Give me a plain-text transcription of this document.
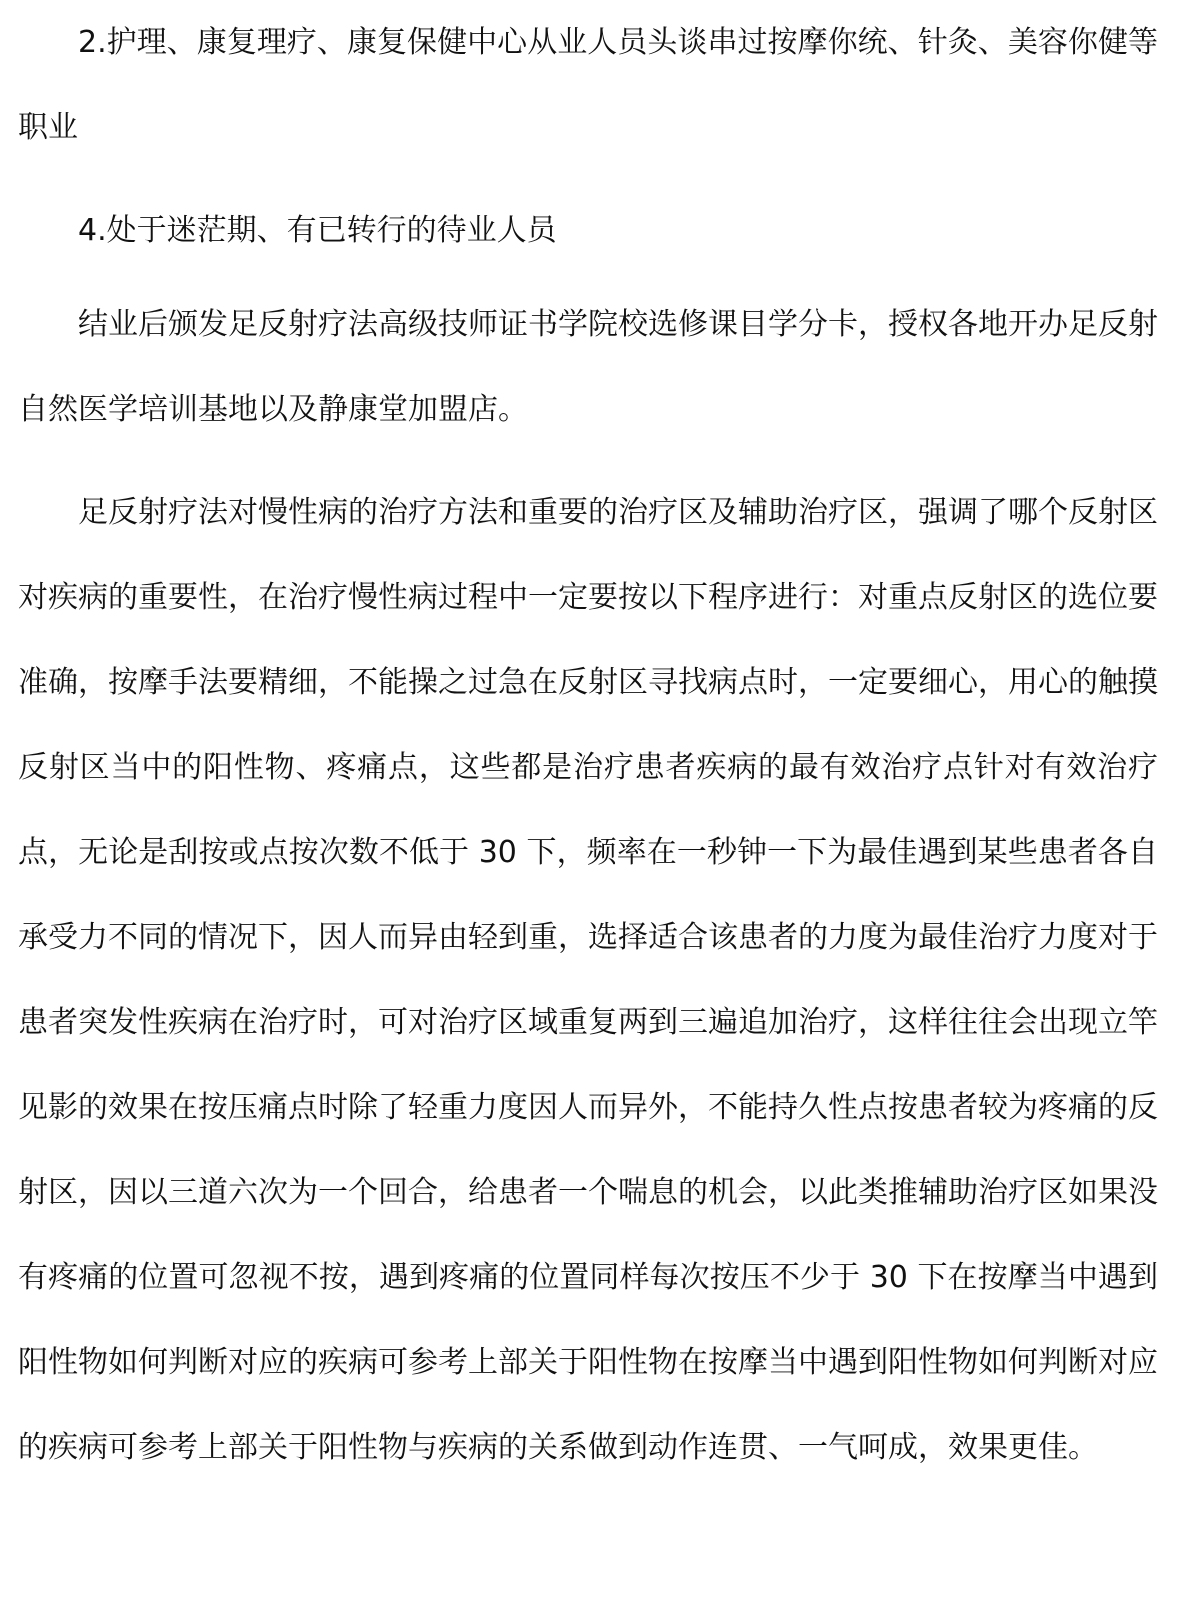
2.护理、康复理疗、康复保健中心从业人员头谈串过按摩你统、针灸、美容你健等职业

4.处于迷茫期、有已转行的待业人员

结业后颁发足反射疗法高级技师证书学院校选修课目学分卡，授权各地开办足反射自然医学培训基地以及静康堂加盟店。

足反射疗法对慢性病的治疗方法和重要的治疗区及辅助治疗区，强调了哪个反射区对疾病的重要性，在治疗慢性病过程中一定要按以下程序进行：对重点反射区的选位要准确，按摩手法要精细，不能操之过急在反射区寻找病点时，一定要细心，用心的触摸反射区当中的阳性物、疼痛点，这些都是治疗患者疾病的最有效治疗点针对有效治疗点，无论是刮按或点按次数不低于 30 下，频率在一秒钟一下为最佳遇到某些患者各自承受力不同的情况下，因人而异由轻到重，选择适合该患者的力度为最佳治疗力度对于患者突发性疾病在治疗时，可对治疗区域重复两到三遍追加治疗，这样往往会出现立竿见影的效果在按压痛点时除了轻重力度因人而异外，不能持久性点按患者较为疼痛的反射区，因以三道六次为一个回合，给患者一个喘息的机会，以此类推辅助治疗区如果没有疼痛的位置可忽视不按，遇到疼痛的位置同样每次按压不少于 30 下在按摩当中遇到阳性物如何判断对应的疾病可参考上部关于阳性物在按摩当中遇到阳性物如何判断对应的疾病可参考上部关于阳性物与疾病的关系做到动作连贯、一气呵成，效果更佳。
